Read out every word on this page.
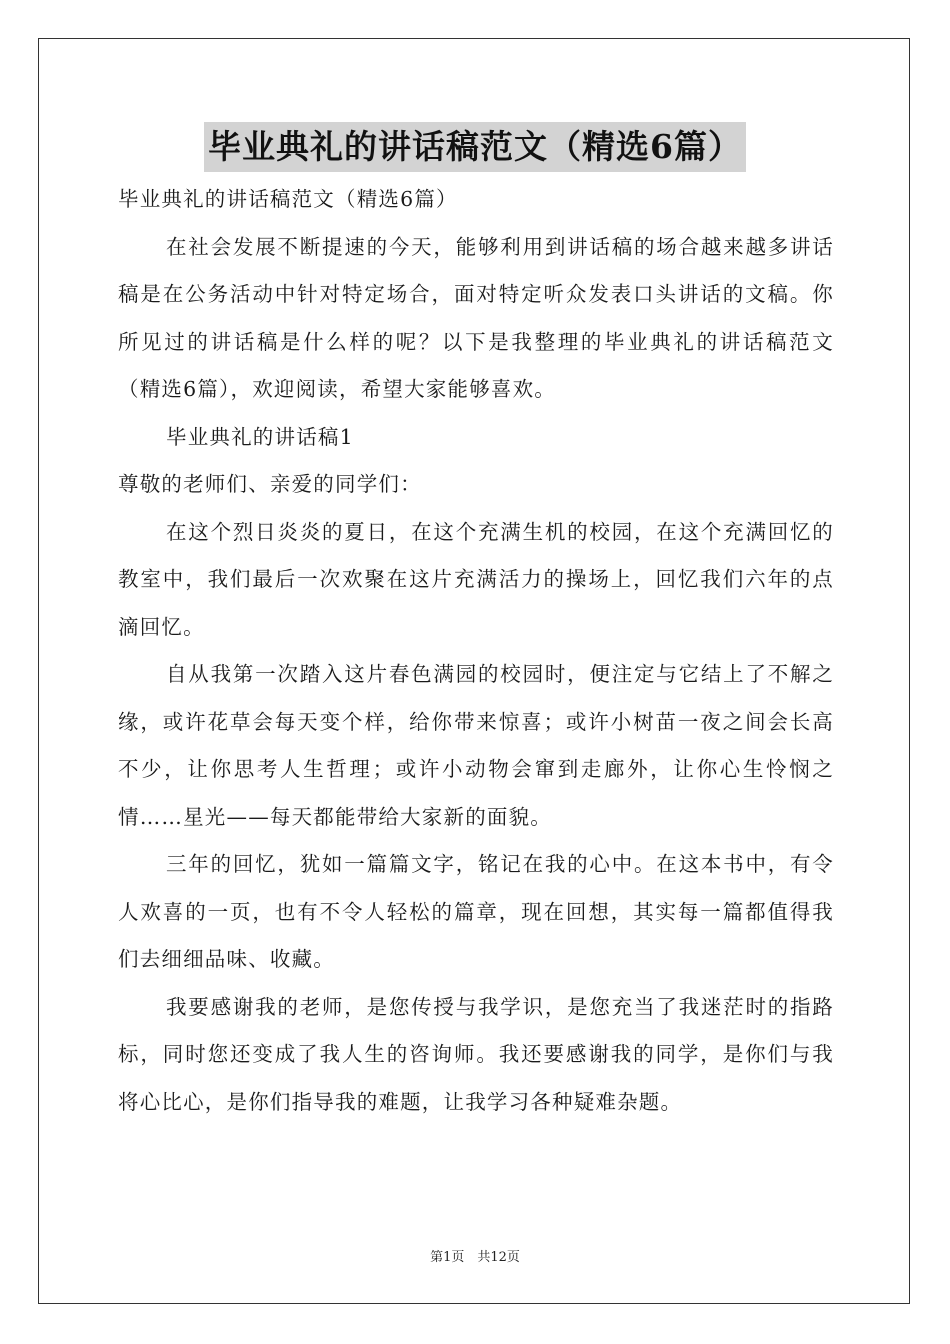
毕业典礼的讲话稿范文（精选6篇）
毕业典礼的讲话稿范文（精选6篇）
在社会发展不断提速的今天，能够利用到讲话稿的场合越来越多讲话稿是在公务活动中针对特定场合，面对特定听众发表口头讲话的文稿。你所见过的讲话稿是什么样的呢？以下是我整理的毕业典礼的讲话稿范文（精选6篇），欢迎阅读，希望大家能够喜欢。
毕业典礼的讲话稿1
尊敬的老师们、亲爱的同学们：
在这个烈日炎炎的夏日，在这个充满生机的校园，在这个充满回忆的教室中，我们最后一次欢聚在这片充满活力的操场上，回忆我们六年的点滴回忆。
自从我第一次踏入这片春色满园的校园时，便注定与它结上了不解之缘，或许花草会每天变个样，给你带来惊喜；或许小树苗一夜之间会长高不少，让你思考人生哲理；或许小动物会窜到走廊外，让你心生怜悯之情……星光——每天都能带给大家新的面貌。
三年的回忆，犹如一篇篇文字，铭记在我的心中。在这本书中，有令人欢喜的一页，也有不令人轻松的篇章，现在回想，其实每一篇都值得我们去细细品味、收藏。
我要感谢我的老师，是您传授与我学识，是您充当了我迷茫时的指路标，同时您还变成了我人生的咨询师。我还要感谢我的同学，是你们与我将心比心，是你们指导我的难题，让我学习各种疑难杂题。
第1页　共12页
